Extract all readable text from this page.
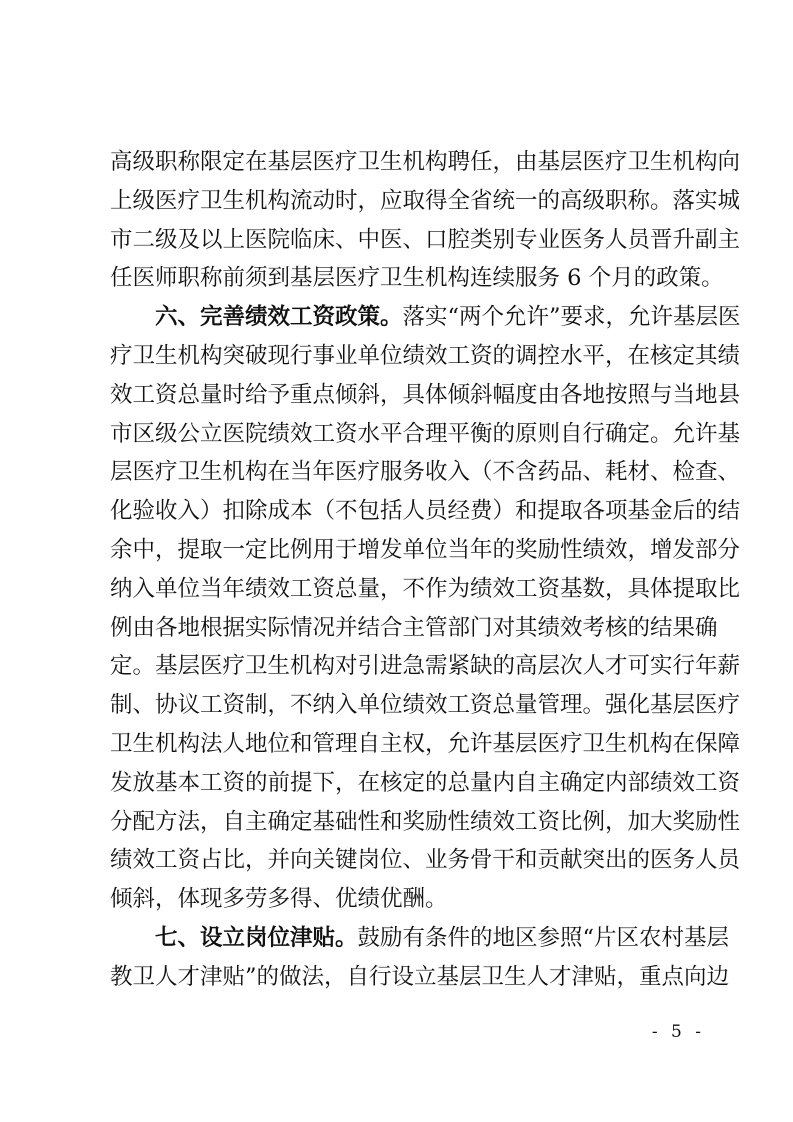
高级职称限定在基层医疗卫生机构聘任，由基层医疗卫生机构向
上级医疗卫生机构流动时，应取得全省统一的高级职称。落实城
市二级及以上医院临床、中医、口腔类别专业医务人员晋升副主
任医师职称前须到基层医疗卫生机构连续服务 6 个月的政策。
六、完善绩效工资政策。落实“两个允许”要求，允许基层医
疗卫生机构突破现行事业单位绩效工资的调控水平，在核定其绩
效工资总量时给予重点倾斜，具体倾斜幅度由各地按照与当地县
市区级公立医院绩效工资水平合理平衡的原则自行确定。允许基
层医疗卫生机构在当年医疗服务收入（不含药品、耗材、检查、
化验收入）扣除成本（不包括人员经费）和提取各项基金后的结
余中，提取一定比例用于增发单位当年的奖励性绩效，增发部分
纳入单位当年绩效工资总量，不作为绩效工资基数，具体提取比
例由各地根据实际情况并结合主管部门对其绩效考核的结果确
定。基层医疗卫生机构对引进急需紧缺的高层次人才可实行年薪
制、协议工资制，不纳入单位绩效工资总量管理。强化基层医疗
卫生机构法人地位和管理自主权，允许基层医疗卫生机构在保障
发放基本工资的前提下，在核定的总量内自主确定内部绩效工资
分配方法，自主确定基础性和奖励性绩效工资比例，加大奖励性
绩效工资占比，并向关键岗位、业务骨干和贡献突出的医务人员
倾斜，体现多劳多得、优绩优酬。
七、设立岗位津贴。鼓励有条件的地区参照“片区农村基层
教卫人才津贴”的做法，自行设立基层卫生人才津贴，重点向边
- 5 -
